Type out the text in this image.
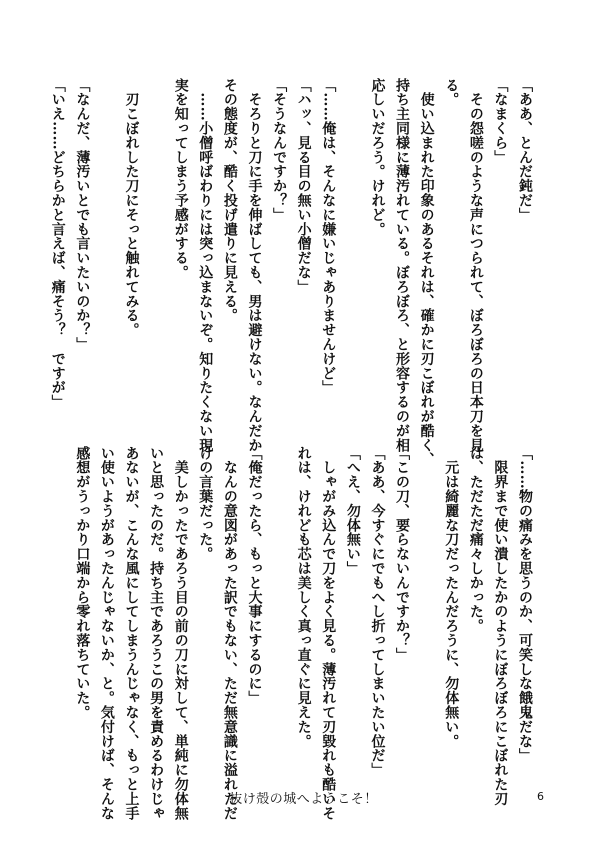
「ああ、とんだ鈍だ」
「なまくら」
　その怨嗟のような声につられて、ぼろぼろの日本刀を見
る。
　使い込まれた印象のあるそれは、確かに刃こぼれが酷く、
持ち主同様に薄汚れている。ぼろぼろ、と形容するのが相
応しいだろう。けれど。

「……俺は、そんなに嫌いじゃありませんけど」
「ハッ、見る目の無い小僧だな」
「そうなんですか？」
　そろりと刀に手を伸ばしても、男は避けない。なんだか
その態度が、酷く投げ遣りに見える。
　……小僧呼ばわりには突っ込まないぞ。知りたくない現
実を知ってしまう予感がする。

　刃こぼれした刀にそっと触れてみる。

「なんだ、薄汚いとでも言いたいのか？」
「いえ……どちらかと言えば、痛そう？　ですが」
「……物の痛みを思うのか、可笑しな餓鬼だな」
　限界まで使い潰したかのようにぼろぼろにこぼれた刃
は、ただただ痛々しかった。
　元は綺麗な刀だったんだろうに、勿体無い。

「この刀、要らないんですか？」
「ああ、今すぐにでもへし折ってしまいたい位だ」
「へえ、勿体無い」
　しゃがみ込んで刀をよく見る。薄汚れて刃毀れも酷いそ
れは、けれども芯は美しく真っ直ぐに見えた。

「俺だったら、もっと大事にするのに」
　なんの意図があった訳でもない、ただ無意識に溢れただ
けの言葉だった。
　美しかったであろう目の前の刀に対して、単純に勿体無
いと思ったのだ。持ち主であろうこの男を責めるわけじゃ
あないが、こんな風にしてしまうんじゃなく、もっと上手
い使いようがあったんじゃないか、と。気付けば、そんな
感想がうっかり口端から零れ落ちていた。
抜け殻の城へようこそ！	6
